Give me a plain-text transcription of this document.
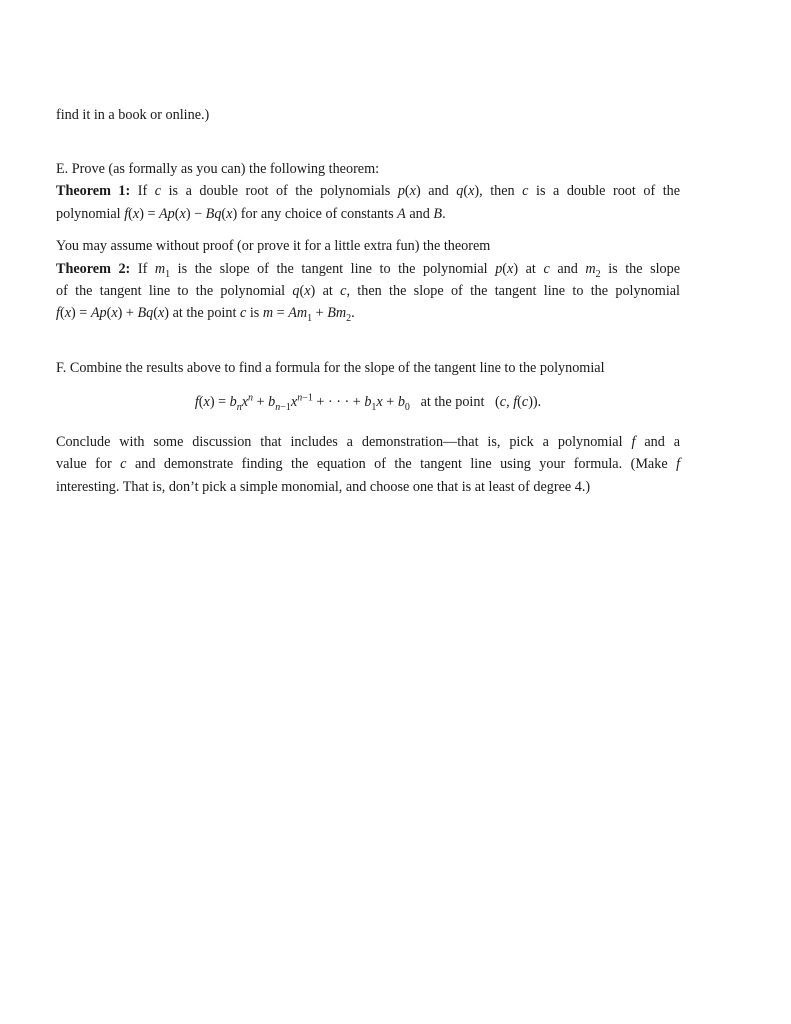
find it in a book or online.)
E. Prove (as formally as you can) the following theorem:
Theorem 1: If c is a double root of the polynomials p(x) and q(x), then c is a double root of the
polynomial f(x) = Ap(x) − Bq(x) for any choice of constants A and B.
You may assume without proof (or prove it for a little extra fun) the theorem
Theorem 2: If $m_1$ is the slope of the tangent line to the polynomial p(x) at c and $m_2$ is the slope
of the tangent line to the polynomial q(x) at c, then the slope of the tangent line to the polynomial
f(x) = Ap(x) + Bq(x) at the point c is $m = Am_1 + Bm_2$.
F. Combine the results above to find a formula for the slope of the tangent line to the polynomial
$f(x) = b_nx^n + b_{n-1}x^{n-1}$ + · · · + $b_1x + b_0$ at the point   (c, f(c)).
Conclude with some discussion that includes a demonstration—that is, pick a polynomial f and a
value for c and demonstrate finding the equation of the tangent line using your formula. (Make f
interesting. That is, don’t pick a simple monomial, and choose one that is at least of degree 4.)
